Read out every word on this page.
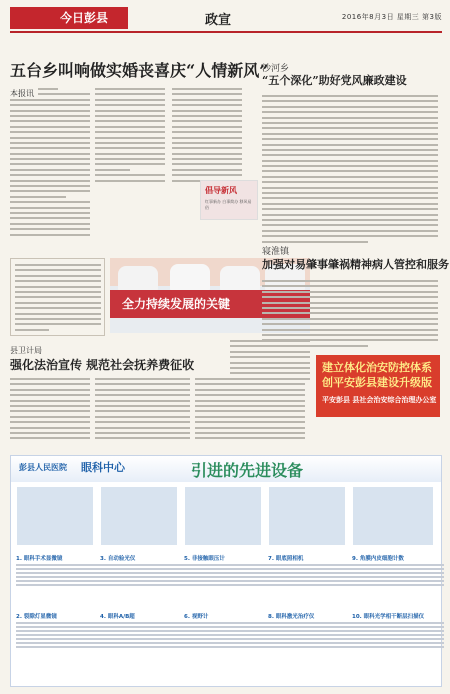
今日彭县	政宣	2016年8月3日 星期三 第3版
五台乡叫响做实婚丧喜庆“人情新风”
本报讯
倡导新风
红事新办 白事简办 移风易俗
全力持续发展的关键
县卫计局
强化法治宣传 规范社会抚养费征收
沙河乡
“五个深化”助好党风廉政建设
寝淮镇
加强对易肇事肇祸精神病人管控和服务
建立体化治安防控体系
创平安彭县建设升级版
平安彭县 县社会治安综合治理办公室
彭县人民医院 眼科中心	引进的先进设备
1. 眼科手术显微镜	3. 自动验光仪	5. 非接触眼压计	7. 眼底照相机	9. 角膜内皮细胞计数
2. 裂隙灯显微镜	4. 眼科A/B超	6. 视野计	8. 眼科激光治疗仪	10. 眼科光学相干断层扫描仪
